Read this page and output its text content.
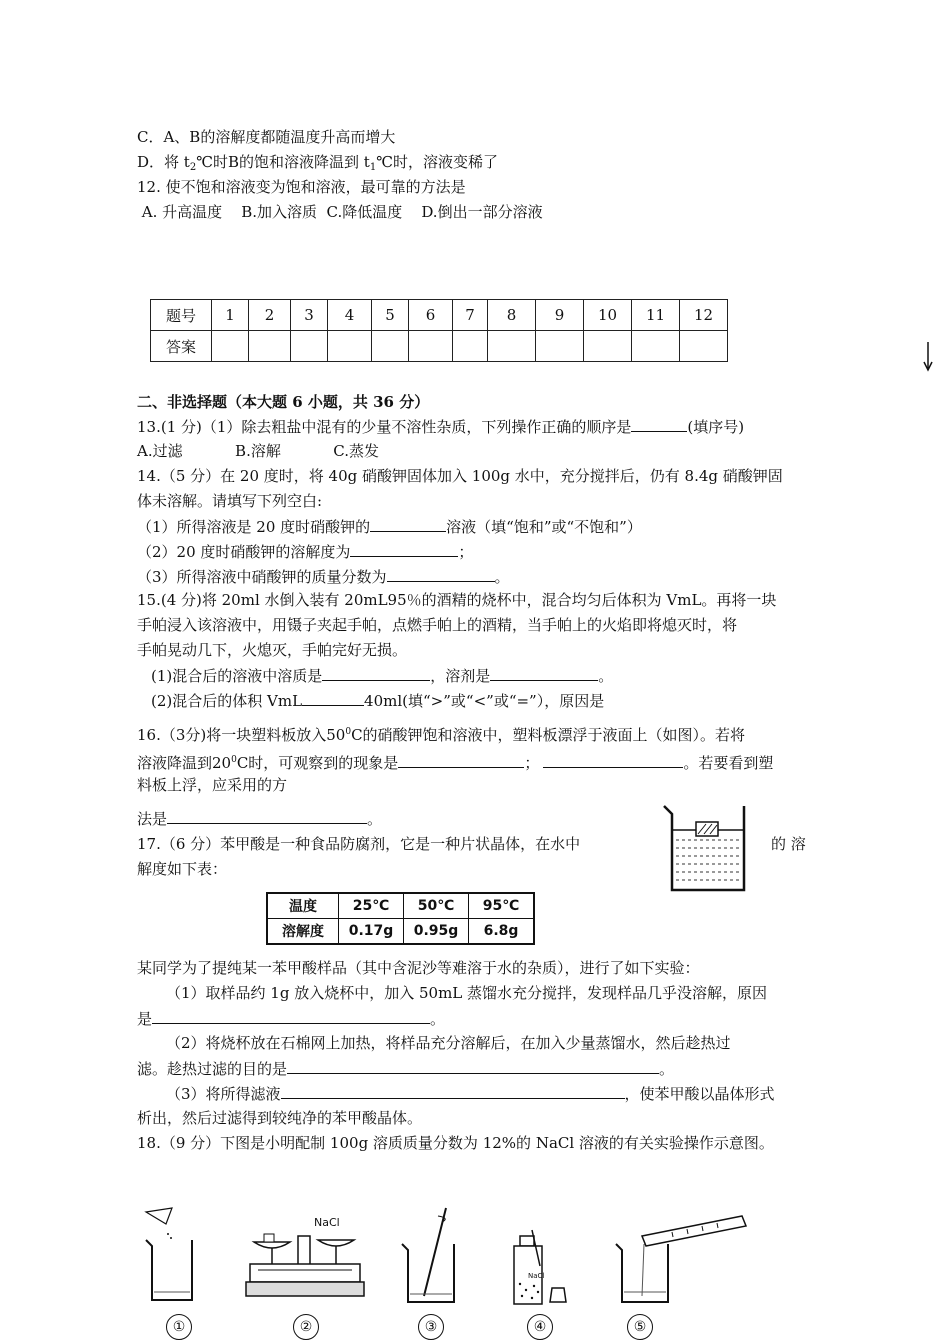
C．A、B的溶解度都随温度升高而增大
D．将 $t_2℃$时B的饱和溶液降温到 $t_1℃$时，溶液变稀了
12. 使不饱和溶液变为饱和溶液，最可靠的方法是
A. 升高温度    B.加入溶质  C.降低温度    D.倒出一部分溶液
题号	1	2	3	4	5	6	7	8	9	10	11	12
答案												
二、非选择题（本大题 6 小题，共 36 分）
13.(1 分)（1）除去粗盐中混有的少量不溶性杂质，下列操作正确的顺序是	(填序号)
A.过滤           B.溶解           C.蒸发
14.（5 分）在 20 度时，将 40g 硝酸钾固体加入 100g 水中，充分搅拌后，仍有 8.4g 硝酸钾固
体未溶解。请填写下列空白:
（1）所得溶液是 20 度时硝酸钾的	溶液（填“饱和”或“不饱和”）
（2）20 度时硝酸钾的溶解度为	；
（3）所得溶液中硝酸钾的质量分数为	。
15.(4 分)将 20ml 水倒入装有 20mL95％的酒精的烧杯中，混合均匀后体积为 VmL。再将一块
手帕浸入该溶液中，用镊子夹起手帕，点燃手帕上的酒精，当手帕上的火焰即将熄灭时，将
手帕晃动几下，火熄灭，手帕完好无损。
(1)混合后的溶液中溶质是	，溶剂是	。
(2)混合后的体积 VmL	40ml(填“>”或“<”或“=”），原因是
16.（3分)将一块塑料板放入$50^0C$的硝酸钾饱和溶液中，塑料板漂浮于液面上（如图）。若将
溶液降温到$20^0C$时，可观察到的现象是	；	。若要看到塑
料板上浮，应采用的方
法是	。
17.（6 分）苯甲酸是一种食品防腐剂，它是一种片状晶体，在水中	的 溶
解度如下表：
温度	25℃	50℃	95℃
溶解度	0.17g	0.95g	6.8g
某同学为了提纯某一苯甲酸样品（其中含泥沙等难溶于水的杂质），进行了如下实验：
（1）取样品约 1g 放入烧杯中，加入 50mL 蒸馏水充分搅拌，发现样品几乎没溶解，原因
是	。
（2）将烧杯放在石棉网上加热，将样品充分溶解后，在加入少量蒸馏水，然后趁热过
滤。趁热过滤的目的是	。
（3）将所得滤液	，使苯甲酸以晶体形式
析出，然后过滤得到较纯净的苯甲酸晶体。
18.（9 分）下图是小明配制 100g 溶质质量分数为 12%的 NaCl 溶液的有关实验操作示意图。
NaCl
NaCl
①	②	③	④	⑤
